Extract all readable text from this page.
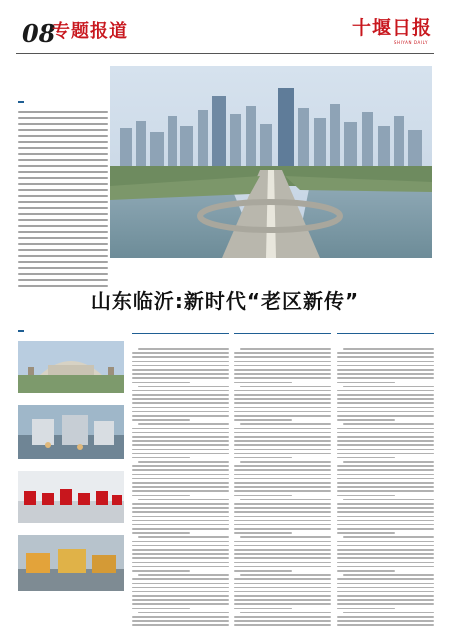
08
专题报道	十堰日报
SHIYAN DAILY
山东临沂:新时代“老区新传”
